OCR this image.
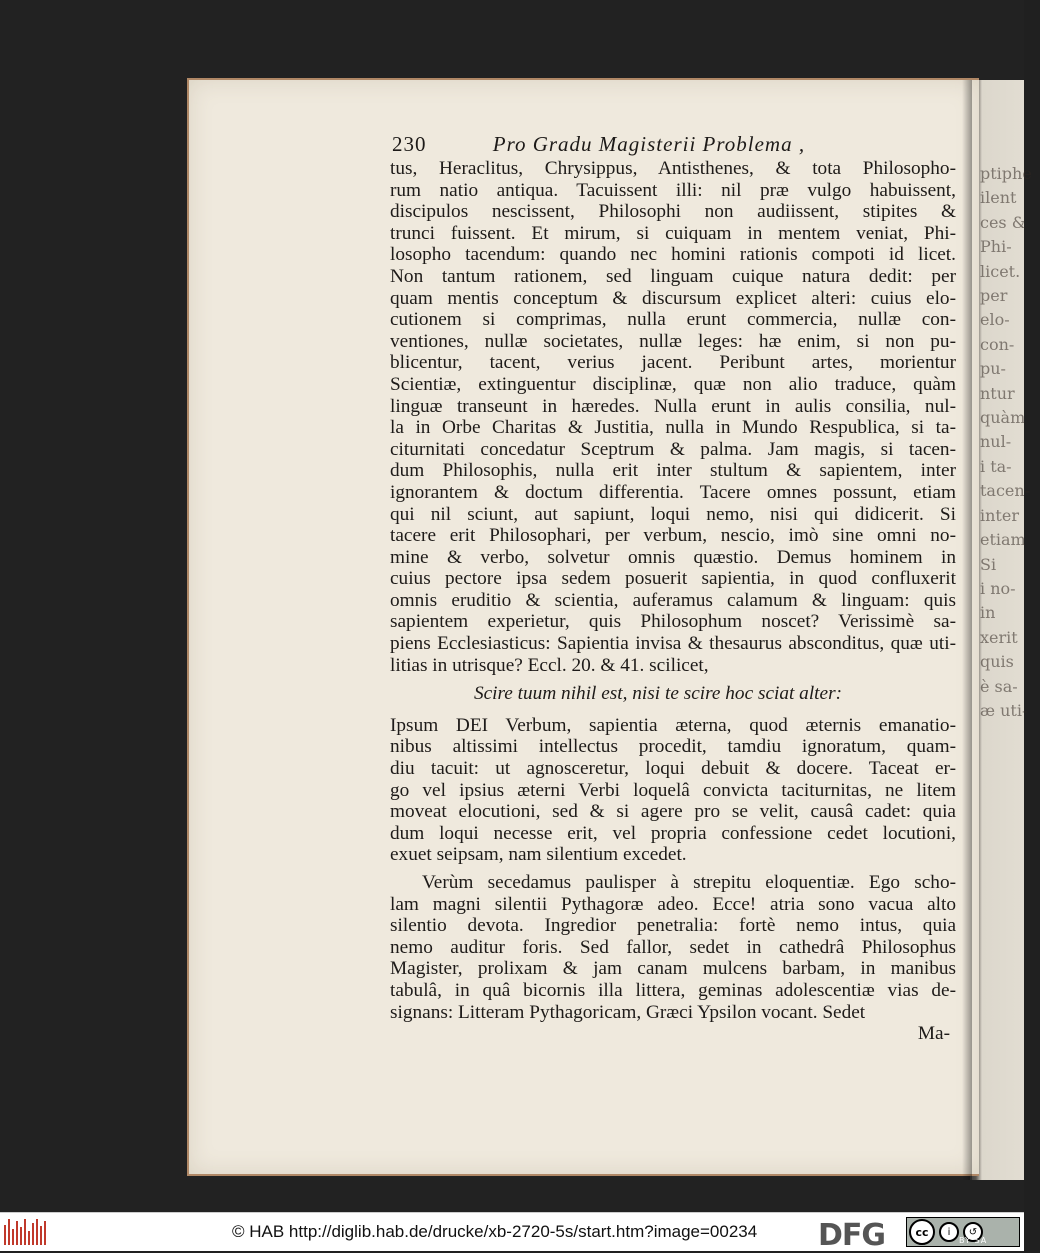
ptiphe
ilent
ces &
Phi-
licet.
per
elo-
con-
pu-
ntur
quàm
nul-
i ta-
tacen-
inter
etiam
Si
i no-
in
xerit
quis
è sa-
æ uti-
230	Pro Gradu Magisterii Problema ,
tus, Heraclitus, Chrysippus, Antisthenes, & tota Philosopho-
rum natio antiqua. Tacuissent illi: nil præ vulgo habuissent,
discipulos nescissent, Philosophi non audiissent, stipites &
trunci fuissent. Et mirum, si cuiquam in mentem veniat, Phi-
losopho tacendum: quando nec homini rationis compoti id licet.
Non tantum rationem, sed linguam cuique natura dedit: per
quam mentis conceptum & discursum explicet alteri: cuius elo-
cutionem si comprimas, nulla erunt commercia, nullæ con-
ventiones, nullæ societates, nullæ leges: hæ enim, si non pu-
blicentur, tacent, verius jacent. Peribunt artes, morientur
Scientiæ, extinguentur disciplinæ, quæ non alio traduce, quàm
linguæ transeunt in hæredes. Nulla erunt in aulis consilia, nul-
la in Orbe Charitas & Justitia, nulla in Mundo Respublica, si ta-
citurnitati concedatur Sceptrum & palma. Jam magis, si tacen-
dum Philosophis, nulla erit inter stultum & sapientem, inter
ignorantem & doctum differentia. Tacere omnes possunt, etiam
qui nil sciunt, aut sapiunt, loqui nemo, nisi qui didicerit. Si
tacere erit Philosophari, per verbum, nescio, imò sine omni no-
mine & verbo, solvetur omnis quæstio. Demus hominem in
cuius pectore ipsa sedem posuerit sapientia, in quod confluxerit
omnis eruditio & scientia, auferamus calamum & linguam: quis
sapientem experietur, quis Philosophum noscet? Verissimè sa-
piens Ecclesiasticus: Sapientia invisa & thesaurus absconditus, quæ uti-
litias in utrisque? Eccl. 20. & 41. scilicet,
Scire tuum nihil est, nisi te scire hoc sciat alter:
Ipsum DEI Verbum, sapientia æterna, quod æternis emanatio-
nibus altissimi intellectus procedit, tamdiu ignoratum, quam-
diu tacuit: ut agnosceretur, loqui debuit & docere. Taceat er-
go vel ipsius æterni Verbi loquelâ convicta taciturnitas, ne litem
moveat elocutioni, sed & si agere pro se velit, causâ cadet: quia
dum loqui necesse erit, vel propria confessione cedet locutioni,
exuet seipsam, nam silentium excedet.
Verùm secedamus paulisper à strepitu eloquentiæ. Ego scho-
lam magni silentii Pythagoræ adeo. Ecce! atria sono vacua alto
silentio devota. Ingredior penetralia: fortè nemo intus, quia
nemo auditur foris. Sed fallor, sedet in cathedrâ Philosophus
Magister, prolixam & jam canam mulcens barbam, in manibus
tabulâ, in quâ bicornis illa littera, geminas adolescentiæ vias de-
signans: Litteram Pythagoricam, Græci Ypsilon vocant. Sedet
Ma-
© HAB http://diglib.hab.de/drucke/xb-2720-5s/start.htm?image=00234 DFG	cc	i	↺
BY SA
